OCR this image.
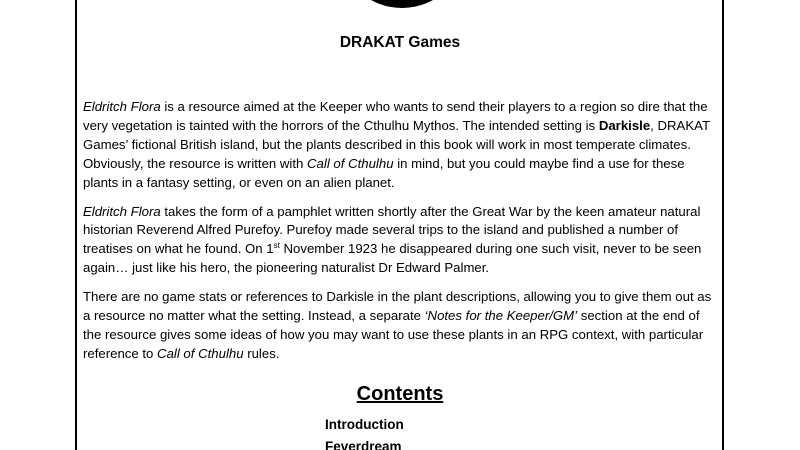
DRAKAT Games

Eldritch Flora is a resource aimed at the Keeper who wants to send their players to a region so dire that the very vegetation is tainted with the horrors of the Cthulhu Mythos. The intended setting is Darkisle, DRAKAT Games’ fictional British island, but the plants described in this book will work in most temperate climates. Obviously, the resource is written with Call of Cthulhu in mind, but you could maybe find a use for these plants in a fantasy setting, or even on an alien planet.

Eldritch Flora takes the form of a pamphlet written shortly after the Great War by the keen amateur natural historian Reverend Alfred Purefoy. Purefoy made several trips to the island and published a number of treatises on what he found. On 1st November 1923 he disappeared during one such visit, never to be seen again… just like his hero, the pioneering naturalist Dr Edward Palmer.

There are no game stats or references to Darkisle in the plant descriptions, allowing you to give them out as a resource no matter what the setting. Instead, a separate ‘Notes for the Keeper/GM’ section at the end of the resource gives some ideas of how you may want to use these plants in an RPG context, with particular reference to Call of Cthulhu rules.

Contents
Introduction
Feverdream
